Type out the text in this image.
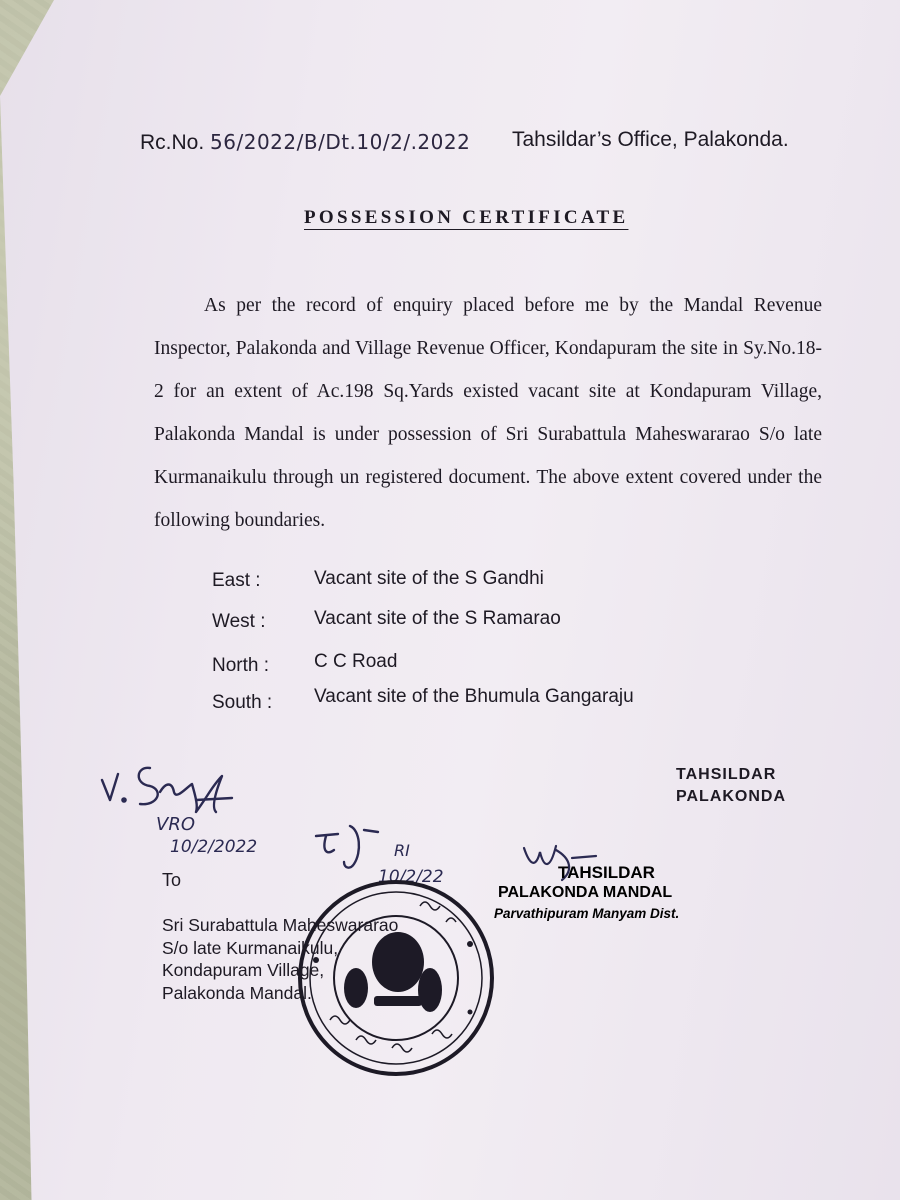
Rc.No. 56/2022/B/Dt.10/2/.2022 Tahsildar’s Office, Palakonda.
POSSESSION CERTIFICATE

As per the record of enquiry placed before me by the Mandal Revenue Inspector, Palakonda and Village Revenue Officer, Kondapuram the site in Sy.No.18-2 for an extent of Ac.198 Sq.Yards existed vacant site at Kondapuram Village, Palakonda Mandal is under possession of Sri Surabattula Maheswararao S/o late Kurmanaikulu through un registered document. The above extent covered under the following boundaries.

East :	Vacant site of the S Gandhi
West :	Vacant site of the S Ramarao
North : C C Road
South : Vacant site of the Bhumula Gangaraju
TAHSILDAR
PALAKONDA
VRO
10/2/2022	RI
10/2/22	TAHSILDAR
PALAKONDA MANDAL
Parvathipuram Manyam Dist.
To
Sri Surabattula Maheswararao
S/o late Kurmanaikulu,
Kondapuram Village,
Palakonda Mandal.
